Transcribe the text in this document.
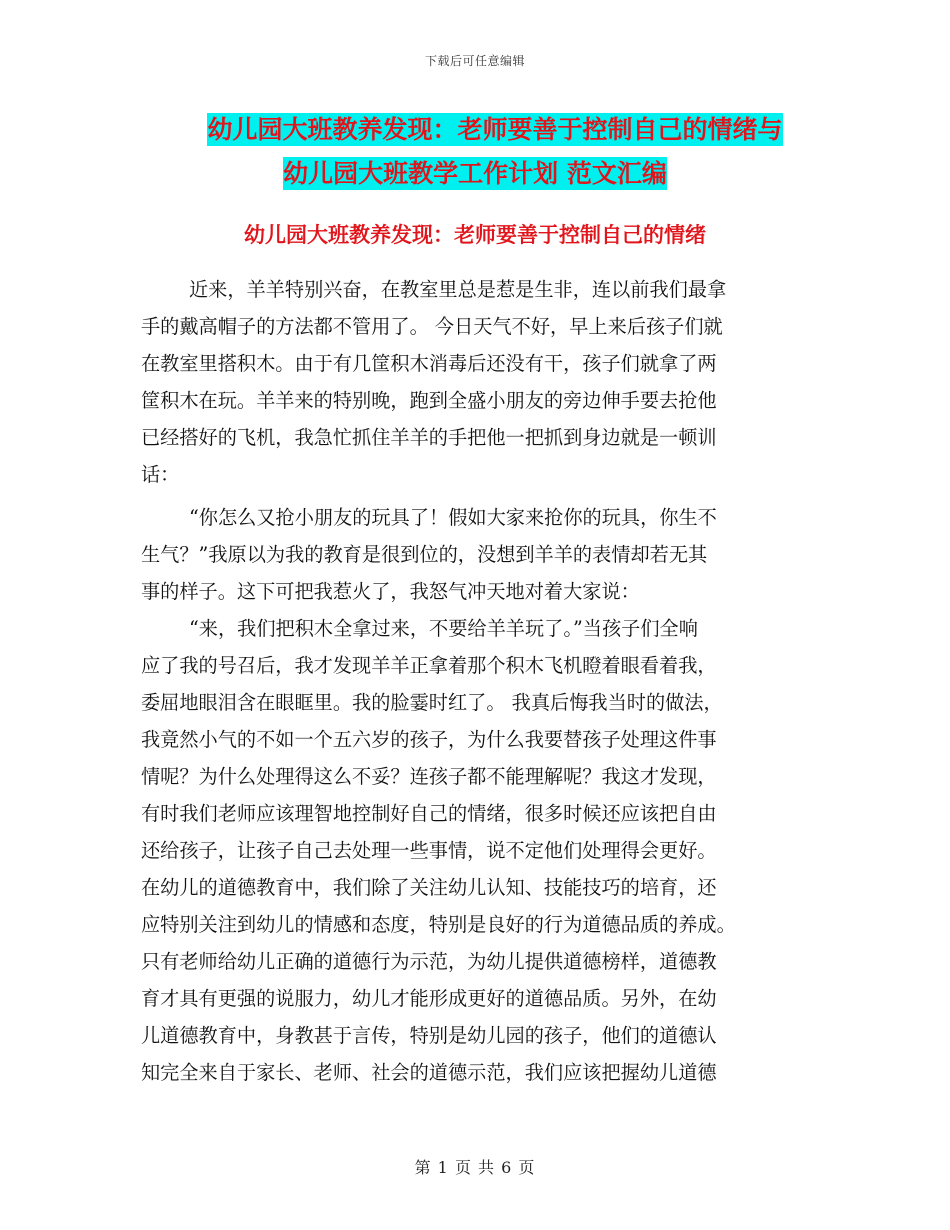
下载后可任意编辑
幼儿园大班教养发现：老师要善于控制自己的情绪与
幼儿园大班教学工作计划 范文汇编
幼儿园大班教养发现：老师要善于控制自己的情绪
近来，羊羊特别兴奋，在教室里总是惹是生非，连以前我们最拿
手的戴高帽子的方法都不管用了。 今日天气不好，早上来后孩子们就
在教室里搭积木。由于有几筐积木消毒后还没有干，孩子们就拿了两
筐积木在玩。羊羊来的特别晚，跑到全盛小朋友的旁边伸手要去抢他
已经搭好的飞机，我急忙抓住羊羊的手把他一把抓到身边就是一顿训
话：
“你怎么又抢小朋友的玩具了！假如大家来抢你的玩具，你生不
生气？”我原以为我的教育是很到位的，没想到羊羊的表情却若无其
事的样子。这下可把我惹火了，我怒气冲天地对着大家说：
“来，我们把积木全拿过来，不要给羊羊玩了。”当孩子们全响
应了我的号召后，我才发现羊羊正拿着那个积木飞机瞪着眼看着我，
委屈地眼泪含在眼眶里。我的脸霎时红了。 我真后悔我当时的做法，
我竟然小气的不如一个五六岁的孩子，为什么我要替孩子处理这件事
情呢？为什么处理得这么不妥？连孩子都不能理解呢？我这才发现，
有时我们老师应该理智地控制好自己的情绪，很多时候还应该把自由
还给孩子，让孩子自己去处理一些事情，说不定他们处理得会更好。
在幼儿的道德教育中，我们除了关注幼儿认知、技能技巧的培育，还
应特别关注到幼儿的情感和态度，特别是良好的行为道德品质的养成。
只有老师给幼儿正确的道德行为示范，为幼儿提供道德榜样，道德教
育才具有更强的说服力，幼儿才能形成更好的道德品质。另外，在幼
儿道德教育中，身教甚于言传，特别是幼儿园的孩子，他们的道德认
知完全来自于家长、老师、社会的道德示范，我们应该把握幼儿道德
第 1 页 共 6 页
